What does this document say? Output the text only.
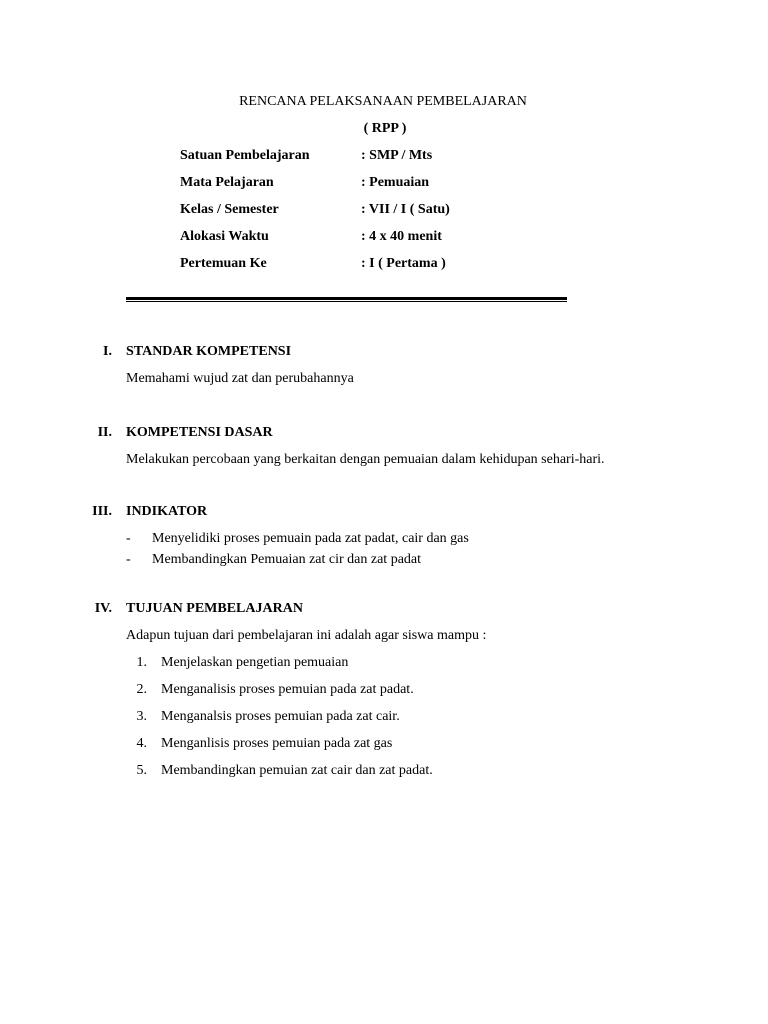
RENCANA PELAKSANAAN PEMBELAJARAN
( RPP )
Satuan Pembelajaran	: SMP / Mts
Mata Pelajaran	: Pemuaian
Kelas / Semester	: VII / I ( Satu)
Alokasi Waktu	: 4 x 40 menit
Pertemuan Ke	: I ( Pertama )
I. STANDAR KOMPETENSI
Memahami wujud zat dan perubahannya
II. KOMPETENSI DASAR
Melakukan percobaan yang berkaitan dengan pemuaian dalam kehidupan sehari-hari.
III. INDIKATOR
- Menyelidiki proses pemuain pada zat padat, cair dan gas
- Membandingkan Pemuaian zat cir dan zat padat
IV. TUJUAN PEMBELAJARAN
Adapun tujuan dari pembelajaran ini adalah agar siswa mampu :
1. Menjelaskan pengetian pemuaian
2. Menganalisis proses pemuian pada zat padat.
3. Menganalsis proses pemuian pada zat cair.
4. Menganlisis proses pemuian pada zat gas
5. Membandingkan pemuian zat cair dan zat padat.
